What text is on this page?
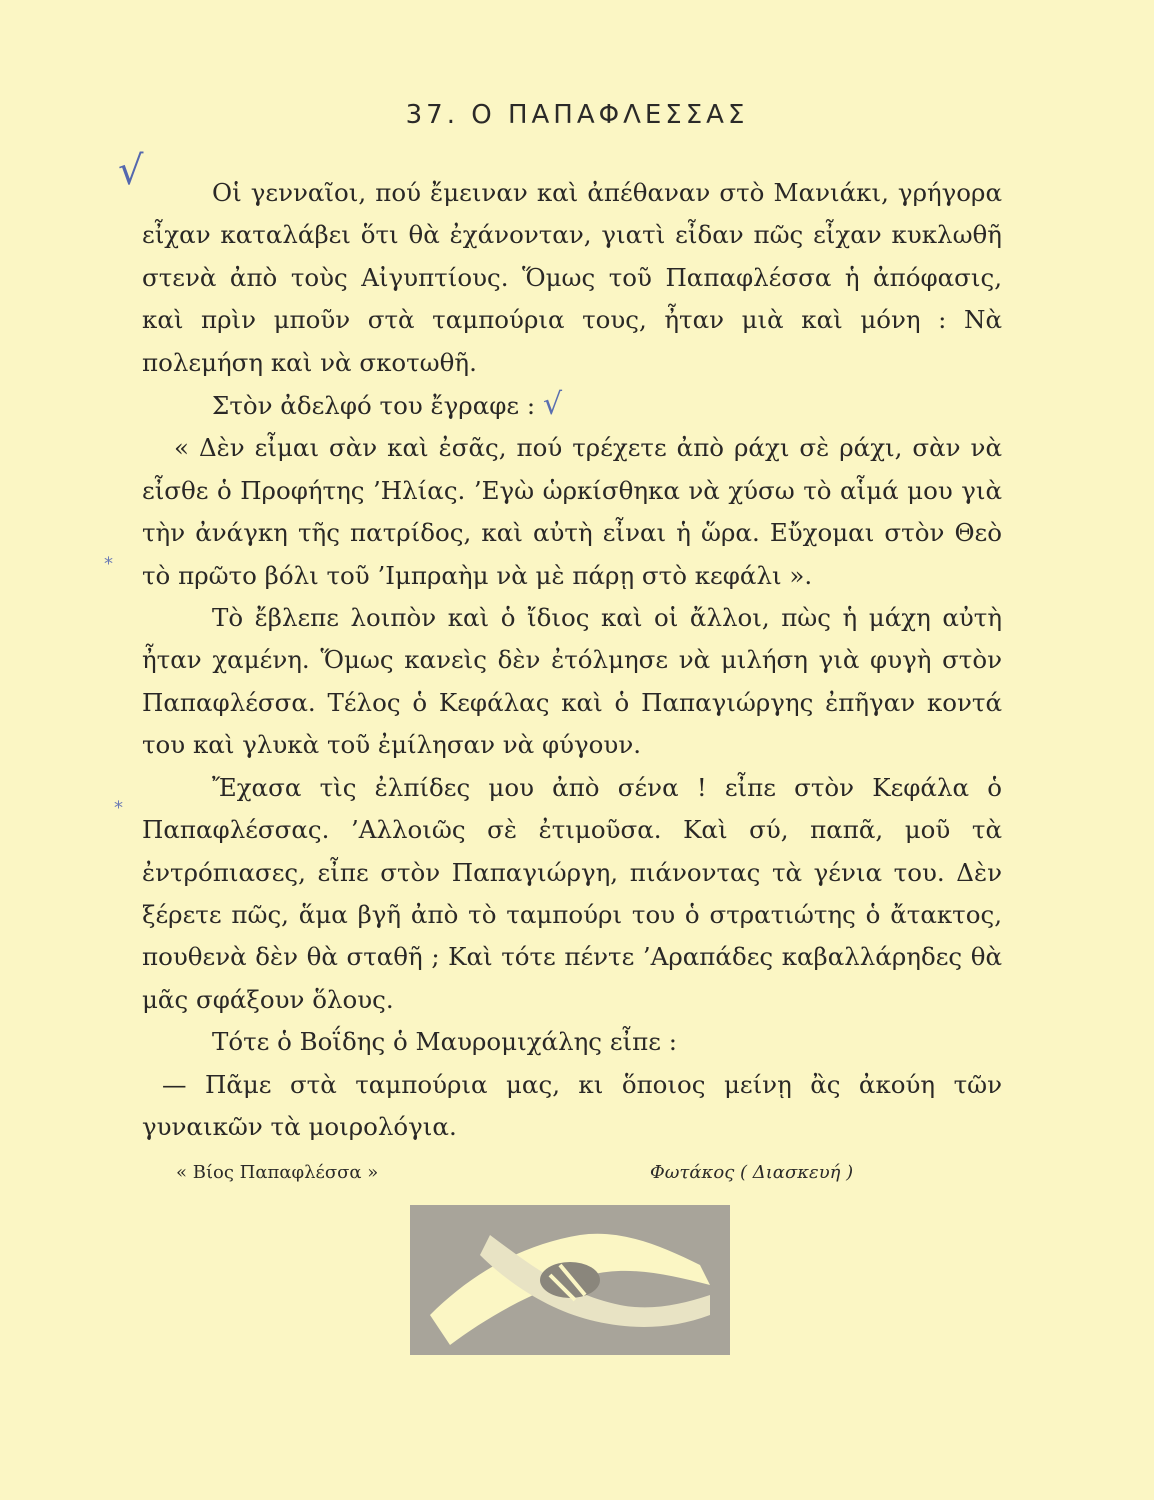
37. Ο ΠΑΠΑΦΛΕΣΣΑΣ
√	Οἱ γενναῖοι, πού ἔμειναν καὶ ἀπέθαναν στὸ Μανιάκι, γρήγορα εἶχαν καταλάβει ὅτι θὰ ἐχάνονταν, γιατὶ εἶδαν πῶς εἶχαν κυκλωθῆ στενὰ ἀπὸ τοὺς Αἰγυπτίους. Ὅμως τοῦ Παπαφλέσσα ἡ ἀπόφασις, καὶ πρὶν μποῦν στὰ ταμπούρια τους, ἦταν μιὰ καὶ μόνη : Νὰ πολεμήση καὶ νὰ σκοτωθῆ.

Στὸν ἀδελφό του ἔγραφε : √

« Δὲν εἶμαι σὰν καὶ ἐσᾶς, πού τρέχετε ἀπὸ ράχι σὲ ράχι, σὰν νὰ εἶσθε ὁ Προφήτης ’Ηλίας. ’Εγὼ ὡρκίσθηκα νὰ χύσω τὸ αἷμά μου γιὰ τὴν ἀνάγκη τῆς πατρίδος, καὶ αὐτὴ εἶναι ἡ ὥρα. Εὔχομαι στὸν Θεὸ τὸ πρῶτο βόλι τοῦ ’Ιμπραὴμ νὰ μὲ πάρῃ στὸ κεφάλι ».

Τὸ ἔβλεπε λοιπὸν καὶ ὁ ἴδιος καὶ οἱ ἄλλοι, πὼς ἡ μάχη αὐτὴ ἦταν χαμένη. Ὅμως κανεὶς δὲν ἐτόλμησε νὰ μιλήση γιὰ φυγὴ στὸν Παπαφλέσσα. Τέλος ὁ Κεφάλας καὶ ὁ Παπαγιώργης ἐπῆγαν κοντά του καὶ γλυκὰ τοῦ ἐμίλησαν νὰ φύγουν.

Ἔχασα τὶς ἐλπίδες μου ἀπὸ σένα ! εἶπε στὸν Κεφάλα ὁ Παπαφλέσσας. ’Αλλοιῶς σὲ ἐτιμοῦσα. Καὶ σύ, παπᾶ, μοῦ τὰ ἐντρόπιασες, εἶπε στὸν Παπαγιώργη, πιάνοντας τὰ γένια του. Δὲν ξέρετε πῶς, ἅμα βγῆ ἀπὸ τὸ ταμπούρι του ὁ στρατιώτης ὁ ἄτακτος, πουθενὰ δὲν θὰ σταθῆ ; Καὶ τότε πέντε ’Αραπάδες καβαλλάρηδες θὰ μᾶς σφάξουν ὅλους.

Τότε ὁ Βοΐδης ὁ Μαυρομιχάλης εἶπε :

— Πᾶμε στὰ ταμπούρια μας, κι ὅποιος μείνῃ ἂς ἀκούη τῶν γυναικῶν τὰ μοιρολόγια.

⁎
⁎
« Βίος Παπαφλέσσα »	Φωτάκος ( Διασκευή )
